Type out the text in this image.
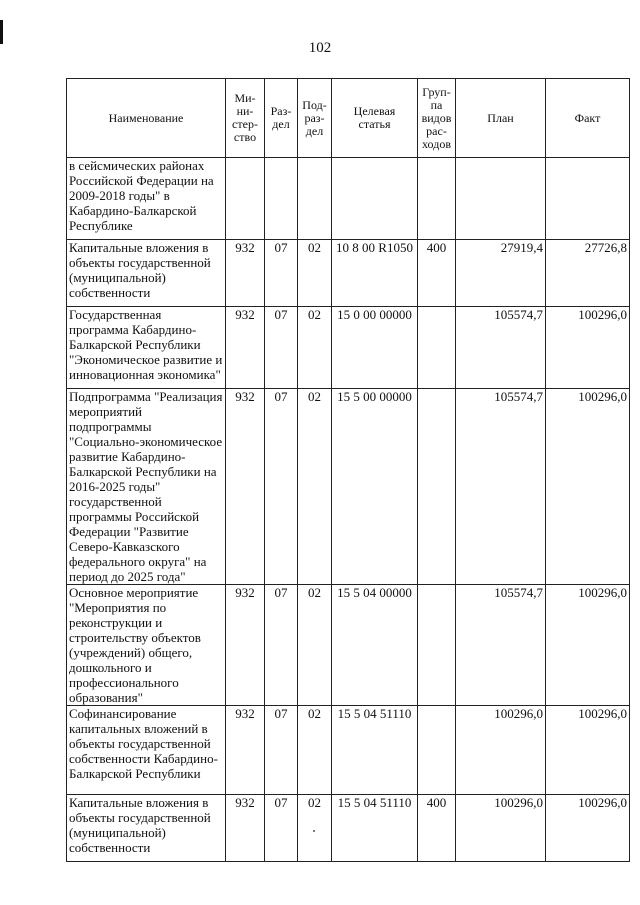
102
Наименование	Ми-
ни-
стер-
ство	Раз-
дел	Под-
раз-
дел	Целевая
статья	Груп-
па
видов
рас-
ходов	План	Факт
в сейсмических районах Российской Федерации на 2009-2018 годы" в Кабардино-Балкарской Республике							
Капитальные вложения в объекты государственной (муниципальной) собственности	932	07	02	10 8 00 R1050	400	27919,4	27726,8
Государственная программа Кабардино-Балкарской Республики "Экономическое развитие и инновационная экономика"	932	07	02	15 0 00 00000		105574,7	100296,0
Подпрограмма "Реализация мероприятий подпрограммы "Социально-экономическое развитие Кабардино-Балкарской Республики на 2016-2025 годы" государственной программы Российской Федерации "Развитие Северо-Кавказского федерального округа" на период до 2025 года"	932	07	02	15 5 00 00000		105574,7	100296,0
Основное мероприятие "Мероприятия по реконструкции и строительству объектов (учреждений) общего, дошкольного и профессионального образования"	932	07	02	15 5 04 00000		105574,7	100296,0
Софинансирование капитальных вложений в объекты государственной собственности Кабардино-Балкарской Республики	932	07	02	15 5 04 51110		100296,0	100296,0
Капитальные вложения в объекты государственной (муниципальной) собственности	932	07	02	15 5 04 51110	400	100296,0	100296,0
